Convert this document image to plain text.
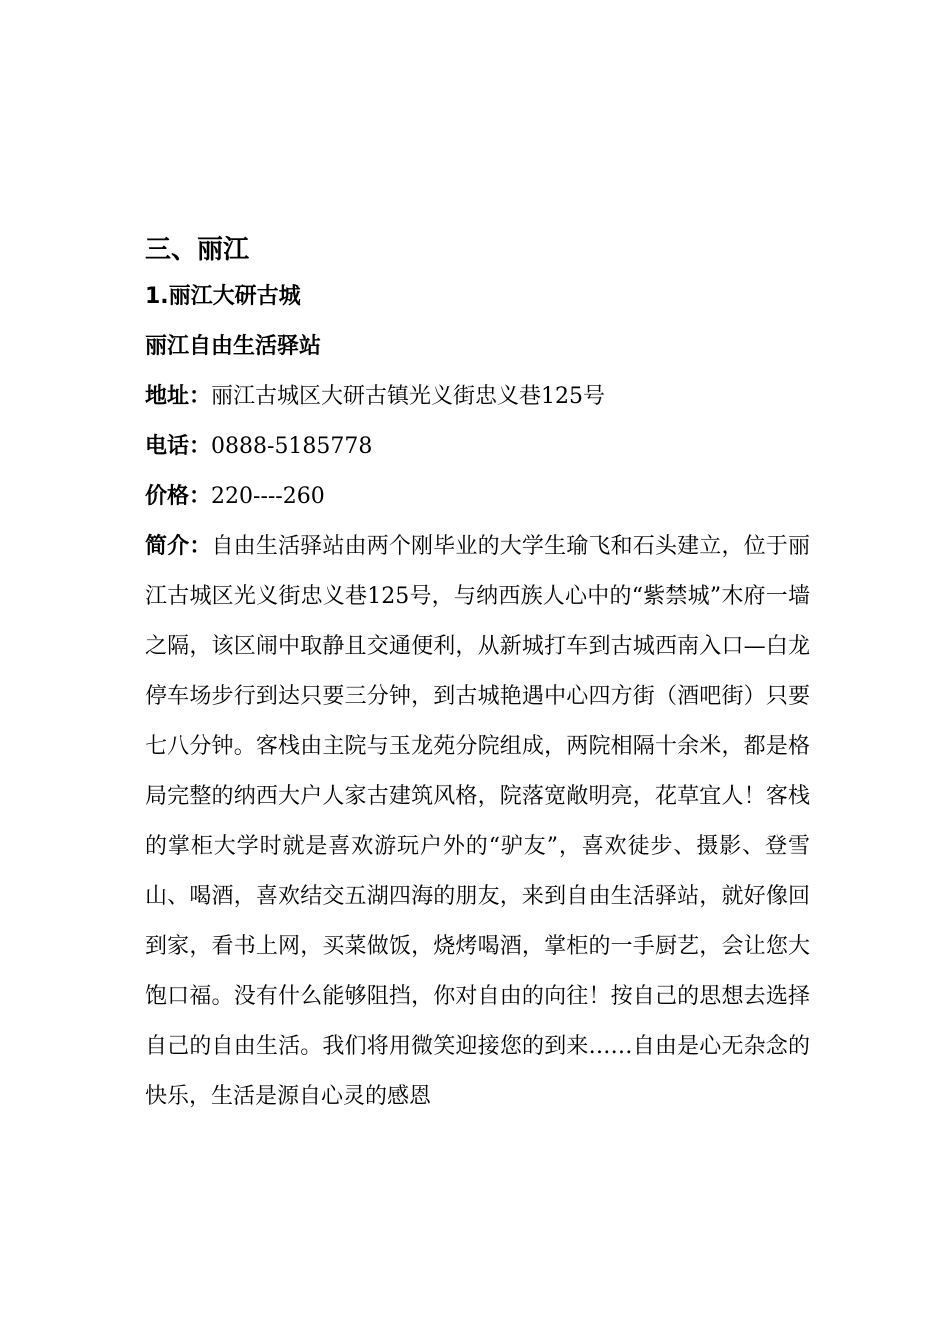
三、丽江
1.丽江大研古城
丽江自由生活驿站

地址：丽江古城区大研古镇光义街忠义巷125号

电话：0888-5185778

价格：220----260

简介：自由生活驿站由两个刚毕业的大学生瑜飞和石头建立，位于丽江古城区光义街忠义巷125号，与纳西族人心中的“紫禁城”木府一墙之隔，该区闹中取静且交通便利，从新城打车到古城西南入口—白龙停车场步行到达只要三分钟，到古城艳遇中心四方街（酒吧街）只要七八分钟。客栈由主院与玉龙苑分院组成，两院相隔十余米，都是格局完整的纳西大户人家古建筑风格，院落宽敞明亮，花草宜人！客栈的掌柜大学时就是喜欢游玩户外的“驴友”，喜欢徒步、摄影、登雪山、喝酒，喜欢结交五湖四海的朋友，来到自由生活驿站，就好像回到家，看书上网，买菜做饭，烧烤喝酒，掌柜的一手厨艺，会让您大饱口福。没有什么能够阻挡，你对自由的向往！按自己的思想去选择自己的自由生活。我们将用微笑迎接您的到来……自由是心无杂念的快乐，生活是源自心灵的感恩
